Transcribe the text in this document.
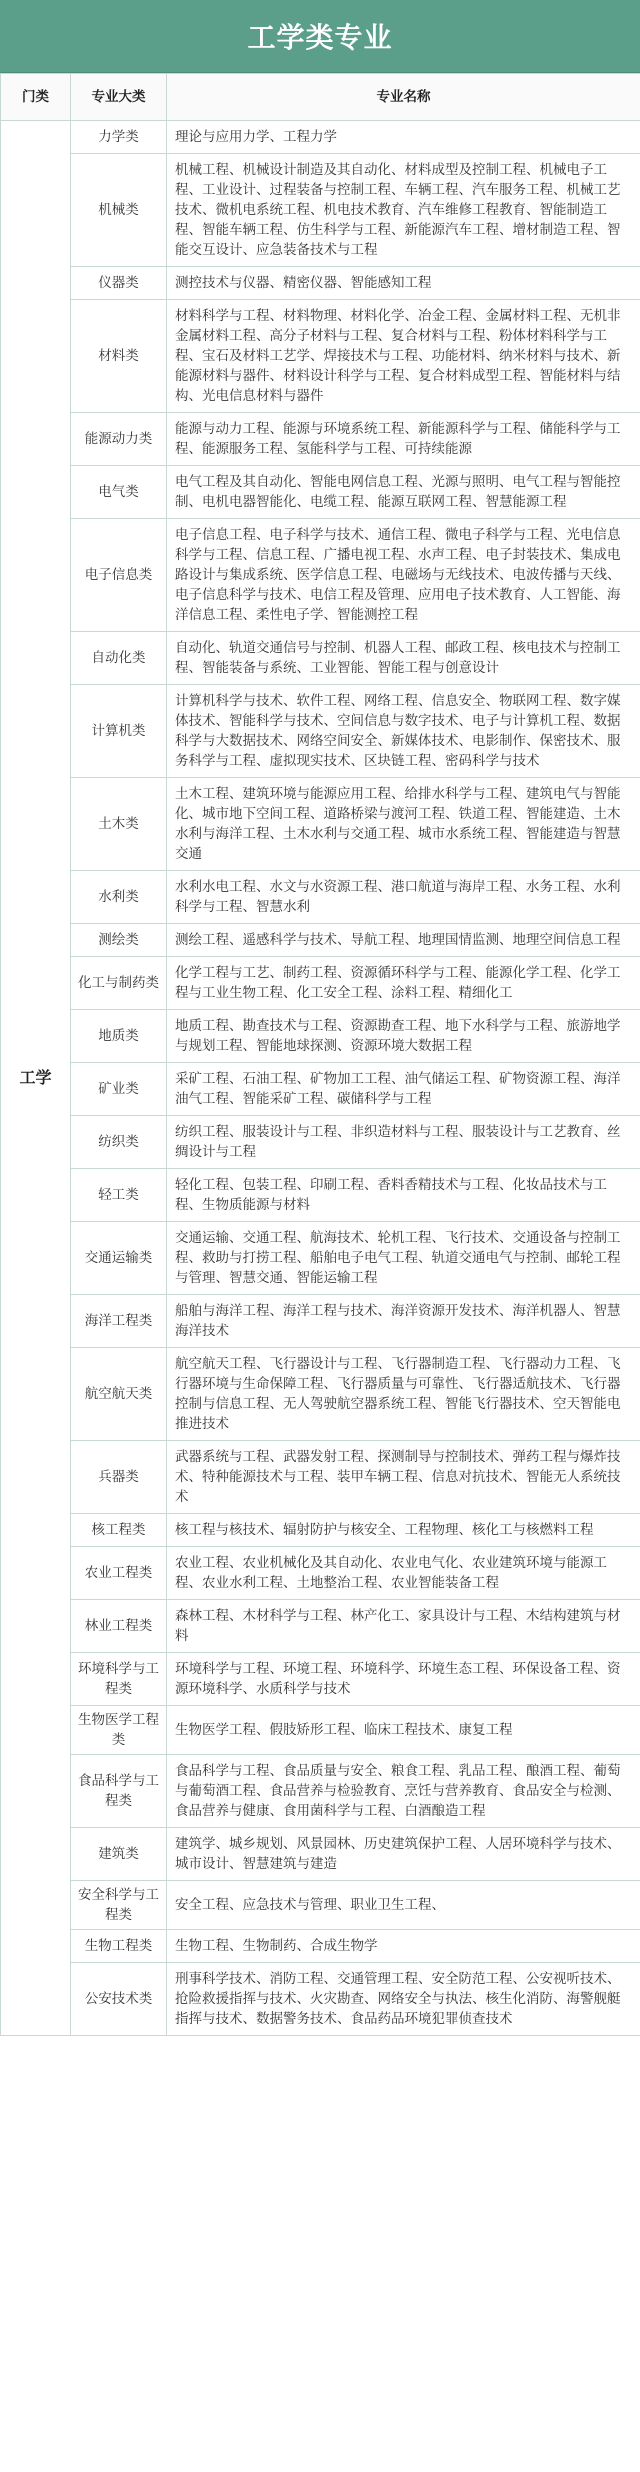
工学类专业
门类	专业大类	专业名称
工学	力学类	理论与应用力学、工程力学
	机械类	机械工程、机械设计制造及其自动化、材料成型及控制工程、机械电子工程、工业设计、过程装备与控制工程、车辆工程、汽车服务工程、机械工艺技术、微机电系统工程、机电技术教育、汽车维修工程教育、智能制造工程、智能车辆工程、仿生科学与工程、新能源汽车工程、增材制造工程、智能交互设计、应急装备技术与工程
	仪器类	测控技术与仪器、精密仪器、智能感知工程
	材料类	材料科学与工程、材料物理、材料化学、冶金工程、金属材料工程、无机非金属材料工程、高分子材料与工程、复合材料与工程、粉体材料科学与工程、宝石及材料工艺学、焊接技术与工程、功能材料、纳米材料与技术、新能源材料与器件、材料设计科学与工程、复合材料成型工程、智能材料与结构、光电信息材料与器件
	能源动力类	能源与动力工程、能源与环境系统工程、新能源科学与工程、储能科学与工程、能源服务工程、氢能科学与工程、可持续能源
	电气类	电气工程及其自动化、智能电网信息工程、光源与照明、电气工程与智能控制、电机电器智能化、电缆工程、能源互联网工程、智慧能源工程
	电子信息类	电子信息工程、电子科学与技术、通信工程、微电子科学与工程、光电信息科学与工程、信息工程、广播电视工程、水声工程、电子封装技术、集成电路设计与集成系统、医学信息工程、电磁场与无线技术、电波传播与天线、电子信息科学与技术、电信工程及管理、应用电子技术教育、人工智能、海洋信息工程、柔性电子学、智能测控工程
	自动化类	自动化、轨道交通信号与控制、机器人工程、邮政工程、核电技术与控制工程、智能装备与系统、工业智能、智能工程与创意设计
	计算机类	计算机科学与技术、软件工程、网络工程、信息安全、物联网工程、数字媒体技术、智能科学与技术、空间信息与数字技术、电子与计算机工程、数据科学与大数据技术、网络空间安全、新媒体技术、电影制作、保密技术、服务科学与工程、虚拟现实技术、区块链工程、密码科学与技术
	土木类	土木工程、建筑环境与能源应用工程、给排水科学与工程、建筑电气与智能化、城市地下空间工程、道路桥梁与渡河工程、铁道工程、智能建造、土木水利与海洋工程、土木水利与交通工程、城市水系统工程、智能建造与智慧交通
	水利类	水利水电工程、水文与水资源工程、港口航道与海岸工程、水务工程、水利科学与工程、智慧水利
	测绘类	测绘工程、遥感科学与技术、导航工程、地理国情监测、地理空间信息工程
	化工与制药类	化学工程与工艺、制药工程、资源循环科学与工程、能源化学工程、化学工程与工业生物工程、化工安全工程、涂料工程、精细化工
	地质类	地质工程、勘查技术与工程、资源勘查工程、地下水科学与工程、旅游地学与规划工程、智能地球探测、资源环境大数据工程
	矿业类	采矿工程、石油工程、矿物加工工程、油气储运工程、矿物资源工程、海洋油气工程、智能采矿工程、碳储科学与工程
	纺织类	纺织工程、服装设计与工程、非织造材料与工程、服装设计与工艺教育、丝绸设计与工程
	轻工类	轻化工程、包装工程、印刷工程、香料香精技术与工程、化妆品技术与工程、生物质能源与材料
	交通运输类	交通运输、交通工程、航海技术、轮机工程、飞行技术、交通设备与控制工程、救助与打捞工程、船舶电子电气工程、轨道交通电气与控制、邮轮工程与管理、智慧交通、智能运输工程
	海洋工程类	船舶与海洋工程、海洋工程与技术、海洋资源开发技术、海洋机器人、智慧海洋技术
	航空航天类	航空航天工程、飞行器设计与工程、飞行器制造工程、飞行器动力工程、飞行器环境与生命保障工程、飞行器质量与可靠性、飞行器适航技术、飞行器控制与信息工程、无人驾驶航空器系统工程、智能飞行器技术、空天智能电推进技术
	兵器类	武器系统与工程、武器发射工程、探测制导与控制技术、弹药工程与爆炸技术、特种能源技术与工程、装甲车辆工程、信息对抗技术、智能无人系统技术
	核工程类	核工程与核技术、辐射防护与核安全、工程物理、核化工与核燃料工程
	农业工程类	农业工程、农业机械化及其自动化、农业电气化、农业建筑环境与能源工程、农业水利工程、土地整治工程、农业智能装备工程
	林业工程类	森林工程、木材科学与工程、林产化工、家具设计与工程、木结构建筑与材料
	环境科学与工程类	环境科学与工程、环境工程、环境科学、环境生态工程、环保设备工程、资源环境科学、水质科学与技术
	生物医学工程类	生物医学工程、假肢矫形工程、临床工程技术、康复工程
	食品科学与工程类	食品科学与工程、食品质量与安全、粮食工程、乳品工程、酿酒工程、葡萄与葡萄酒工程、食品营养与检验教育、烹饪与营养教育、食品安全与检测、食品营养与健康、食用菌科学与工程、白酒酿造工程
	建筑类	建筑学、城乡规划、风景园林、历史建筑保护工程、人居环境科学与技术、城市设计、智慧建筑与建造
	安全科学与工程类	安全工程、应急技术与管理、职业卫生工程、
	生物工程类	生物工程、生物制药、合成生物学
	公安技术类	刑事科学技术、消防工程、交通管理工程、安全防范工程、公安视听技术、抢险救援指挥与技术、火灾勘查、网络安全与执法、核生化消防、海警舰艇指挥与技术、数据警务技术、食品药品环境犯罪侦查技术
